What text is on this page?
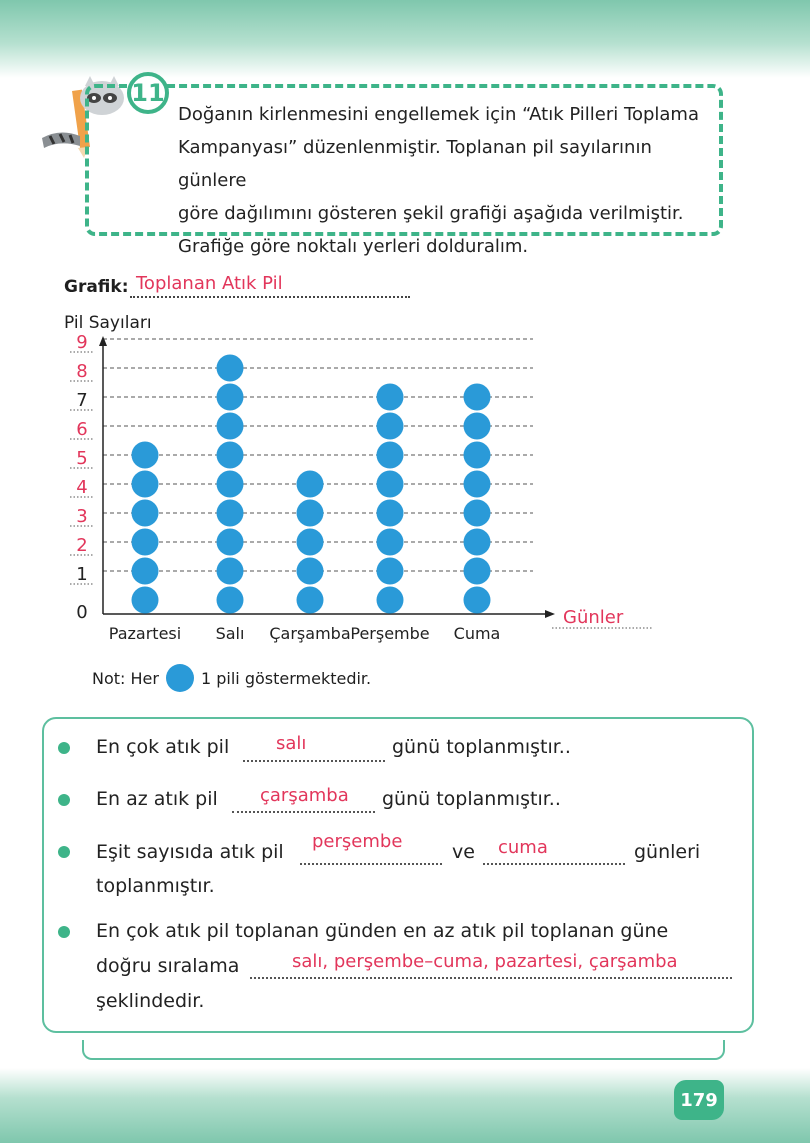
11
Doğanın kirlenmesini engellemek için “Atık Pilleri Toplama
Kampanyası” düzenlenmiştir. Toplanan pil sayılarının günlere
göre dağılımını gösteren şekil grafiği aşağıda verilmiştir.
Grafiğe göre noktalı yerleri dolduralım.
Grafik: Toplanan Atık Pil
Pil Sayıları
0
1
2
3
4
5
6
7
8
9
Pazartesi Salı Çarşamba Perşembe Cuma
Günler
Not: Her	1 pili göstermektedir.
En çok atık pil	salı	günü toplanmıştır..
En az atık pil çarşamba günü toplanmıştır..
Eşit sayısıda atık pil perşembe	ve cuma	günleri
toplanmıştır.
En çok atık pil toplanan günden en az atık pil toplanan güne
doğru sıralama	salı, perşembe–cuma, pazartesi, çarşamba
şeklindedir.
179
